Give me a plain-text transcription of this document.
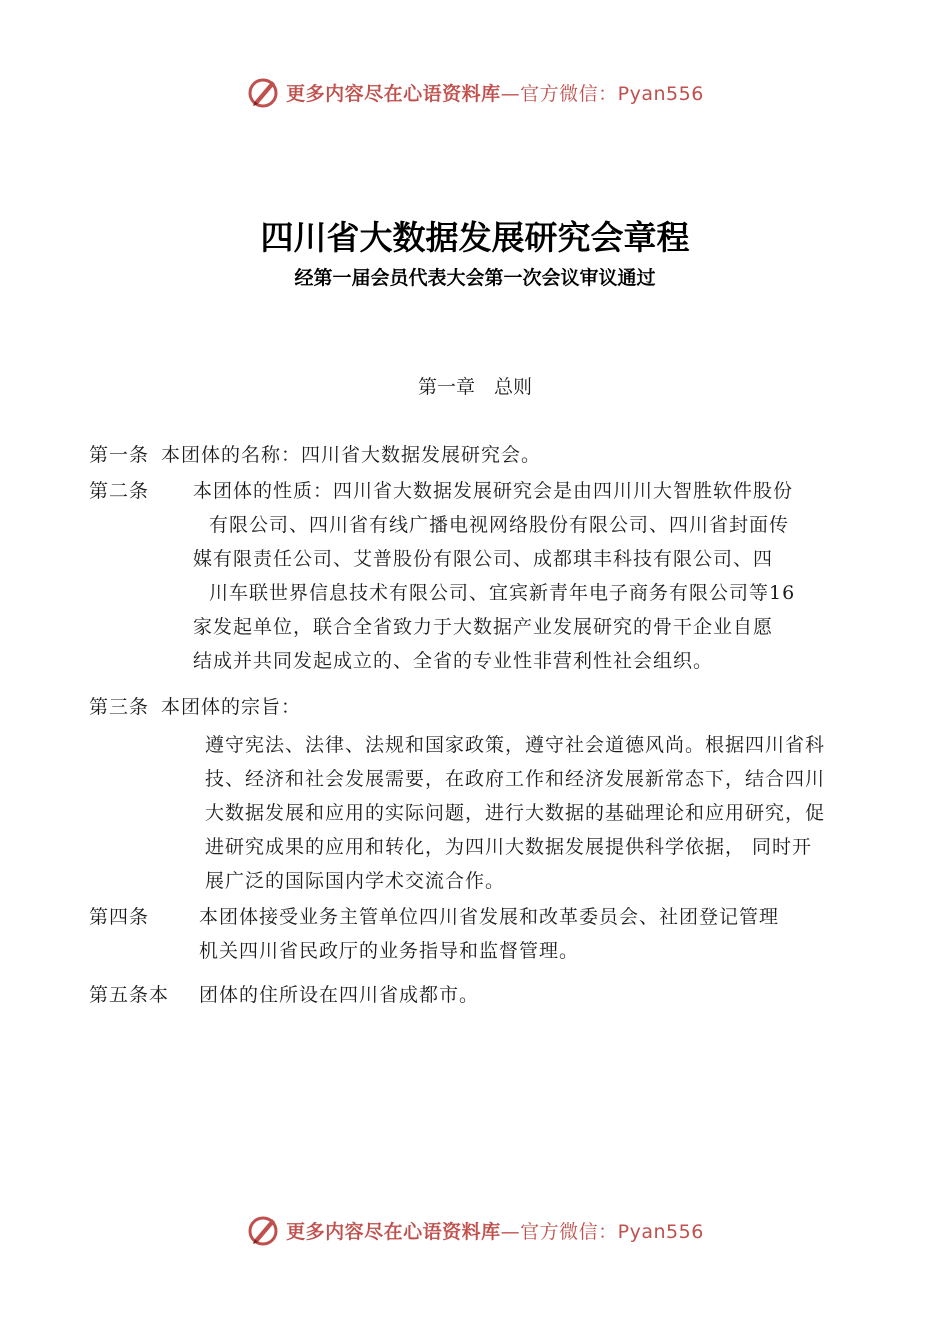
更多内容尽在心语资料库—官方微信：Pyan556
四川省大数据发展研究会章程
经第一届会员代表大会第一次会议审议通过
第一章　总则
第一条 本团体的名称：四川省大数据发展研究会。
第二条 本团体的性质：四川省大数据发展研究会是由四川川大智胜软件股份
有限公司、四川省有线广播电视网络股份有限公司、四川省封面传
媒有限责任公司、艾普股份有限公司、成都琪丰科技有限公司、四
川车联世界信息技术有限公司、宜宾新青年电子商务有限公司等16
家发起单位，联合全省致力于大数据产业发展研究的骨干企业自愿
结成并共同发起成立的、全省的专业性非营利性社会组织。
第三条 本团体的宗旨：
遵守宪法、法律、法规和国家政策，遵守社会道德风尚。根据四川省科
技、经济和社会发展需要，在政府工作和经济发展新常态下，结合四川
大数据发展和应用的实际问题，进行大数据的基础理论和应用研究，促
进研究成果的应用和转化，为四川大数据发展提供科学依据， 同时开
展广泛的国际国内学术交流合作。
第四条	本团体接受业务主管单位四川省发展和改革委员会、社团登记管理
机关四川省民政厅的业务指导和监督管理。
第五条本 团体的住所设在四川省成都市。
更多内容尽在心语资料库—官方微信：Pyan556
